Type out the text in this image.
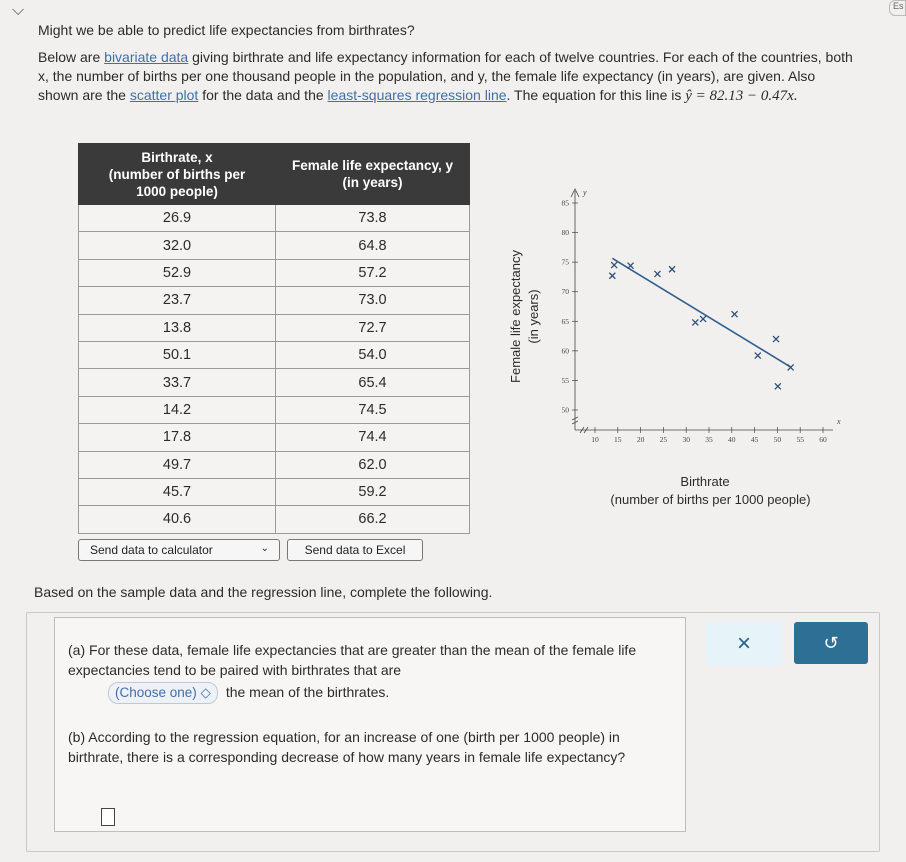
⌵	Es
Might we be able to predict life expectancies from birthrates?
Below are bivariate data giving birthrate and life expectancy information for each of twelve countries. For each of the countries, both x, the number of births per one thousand people in the population, and y, the female life expectancy (in years), are given. Also shown are the scatter plot for the data and the least-squares regression line. The equation for this line is ŷ = 82.13 − 0.47x.
Birthrate, x
(number of births per
1000 people)	Female life expectancy, y
(in years)
26.9	73.8
32.0	64.8
52.9	57.2
23.7	73.0
13.8	72.7
50.1	54.0
33.7	65.4
14.2	74.5
17.8	74.4
49.7	62.0
45.7	59.2
40.6	66.2
Send data to calculator	⌄	Send data to Excel
y
x
10 15 20 25 30 35 40 45 50 55 60
50
55
60
65
70
75
80
85
Female life expectancy (in years)
Birthrate
(number of births per 1000 people)
Based on the sample data and the regression line, complete the following.
(a) For these data, female life expectancies that are greater than the mean of the female life expectancies tend to be paired with birthrates that are

(Choose one) ◇ the mean of the birthrates.
(b) According to the regression equation, for an increase of one (birth per 1000 people) in birthrate, there is a corresponding decrease of how many years in female life expectancy?
×	↺
